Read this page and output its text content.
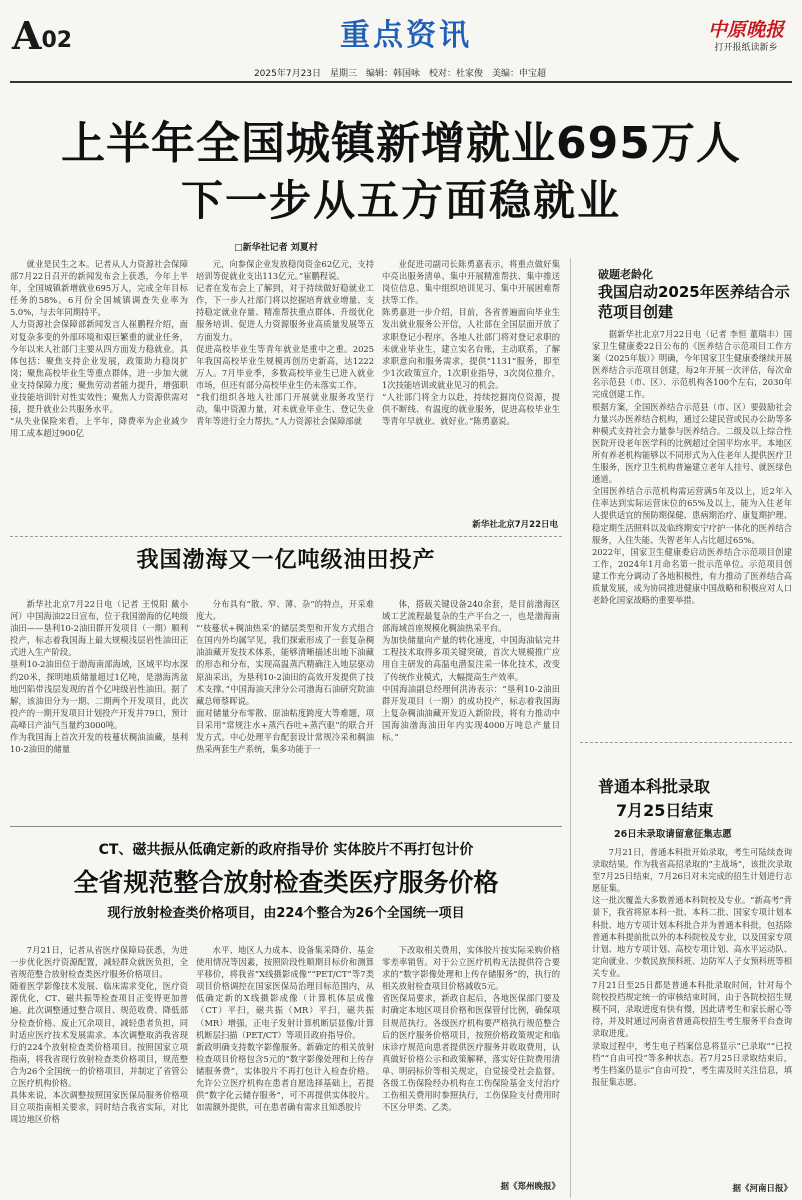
A 02	重点资讯	中原晚报
打开报纸读新乡
2025年7月23日　星期三　编辑：韩国咏　校对：杜家俊　美编：申宝超
上半年全国城镇新增就业695万人
下一步从五方面稳就业
□新华社记者 刘夏村
就业是民生之本。记者从人力资源社会保障部7月22日召开的新闻发布会上获悉，今年上半年，全国城镇新增就业695万人，完成全年目标任务的58%。6月份全国城镇调查失业率为5.0%，与去年同期持平。
人力资源社会保障部新闻发言人崔鹏程介绍，面对复杂多变的外部环境和艰巨繁重的就业任务，今年以来人社部门主要从四方面发力稳就业。具体包括：聚焦支持企业发展，政策助力稳岗扩岗；聚焦高校毕业生等重点群体，进一步加大就业支持保障力度；聚焦劳动者能力提升，增强职业技能培训针对性实效性；聚焦人力资源供需对接，提升就业公共服务水平。
“从失业保险来看，上半年，降费率为企业减少用工成本超过900亿
元，向参保企业发放稳岗资金62亿元，支持培训等促就业支出113亿元。”崔鹏程说。
记者在发布会上了解到，对于持续做好稳就业工作，下一步人社部门将以挖掘培育就业增量、支持稳定就业存量、精准帮扶重点群体、升级优化服务培训、促进人力资源服务业高质量发展等五方面发力。
促进高校毕业生等青年就业是重中之重。2025年我国高校毕业生规模再创历史新高，达1222万人。7月毕业季，多数高校毕业生已进入就业市场，但还有部分高校毕业生仍未落实工作。
“我们组织各地人社部门开展就业服务攻坚行动，集中资源力量，对未就业毕业生、登记失业青年等进行全力帮扶。”人力资源社会保障部就
业促进司副司长陈勇嘉表示，将重点做好集中亮出服务清单、集中开展精准帮扶、集中推送岗位信息、集中组织培训见习、集中开展困难帮扶等工作。
陈勇嘉进一步介绍，目前，各省普遍面向毕业生发出就业服务公开信，人社部在全国层面开放了求职登记小程序。各地人社部门将对登记求职的未就业毕业生，建立实名台账，主动联系，了解求职意向和服务需求，提供“1131”服务，即至少1次政策宣介，1次职业指导，3次岗位推介，1次技能培训或就业见习的机会。
“人社部门将全力以赴，持续挖掘岗位资源，提供不断线、有温度的就业服务，促进高校毕业生等青年早就业、就好业。”陈勇嘉说。
新华社北京7月22日电
破题老龄化
我国启动2025年医养结合示范项目创建
据新华社北京7月22日电（记者 李恒 董瑞丰）国家卫生健康委22日公布的《医养结合示范项目工作方案（2025年版）》明确，今年国家卫生健康委继续开展医养结合示范项目创建，每2年开展一次评估，每次命名示范县（市、区）、示范机构各100个左右，2030年完成创建工作。
根据方案，全国医养结合示范县（市、区）要鼓励社会力量兴办医养结合机构，通过公建民营或民办公助等多种模式支持社会力量参与医养结合。二级及以上综合性医院开设老年医学科的比例超过全国平均水平。本地区所有养老机构能够以不同形式为入住老年人提供医疗卫生服务，医疗卫生机构普遍建立老年人挂号、就医绿色通道。
全国医养结合示范机构需运营满5年及以上，近2年入住率达到实际运营床位的65%及以上，能为入住老年人提供适宜的预防期保健、患病期治疗、康复期护理、稳定期生活照料以及临终期安宁疗护一体化的医养结合服务，入住失能、失智老年人占比超过65%。
2022年，国家卫生健康委启动医养结合示范项目创建工作，2024年1月命名第一批示范单位。示范项目创建工作充分调动了各地积极性，有力推动了医养结合高质量发展，成为协同推进健康中国战略和积极应对人口老龄化国家战略的重要举措。
我国渤海又一亿吨级油田投产
新华社北京7月22日电（记者 王悦阳 戴小河）中国海油22日宣布，位于我国渤海的亿吨级油田——垦利10-2油田群开发项目（一期）顺利投产，标志着我国海上最大规模浅层岩性油田正式进入生产阶段。
垦利10-2油田位于渤海南部海域，区域平均水深约20米，探明地质储量超过1亿吨，是渤海湾盆地凹陷带浅层发现的首个亿吨级岩性油田。据了解，该油田分为一期、二期两个开发项目，此次投产的一期开发项目计划投产开发井79口，预计高峰日产油气当量约3000吨。
作为我国海上首次开发的枝蔓状稠油油藏，垦利10-2油田的储量
分布具有“散、窄、薄、杂”的特点，开采难度大。
“‘枝蔓状+稠油热采’的储层类型和开发方式组合在国内外均属罕见，我们探索形成了一套复杂稠油油藏开发技术体系，能够清晰描述出地下油藏的形态和分布，实现高温蒸汽精确注入地层驱动原油采出，为垦利10-2油田的高效开发提供了技术支撑。”中国海油天津分公司渤海石油研究院油藏总师蔡晖说。
面对储量分布零散、原油粘度跨度大等难题，项目采用“常规注水+蒸汽吞吐+蒸汽驱”的联合开发方式。中心处理平台配套设计常规冷采和稠油热采两套生产系统，集多功能于一
体，搭载关键设备240余套，是目前渤海区域工艺流程最复杂的生产平台之一，也是渤海南部海域首座规模化稠油热采平台。
为加快储量向产量的转化速度，中国海油钻完井工程技术取得多项关键突破，首次大规模推广应用自主研发的高温电潜泵注采一体化技术，改变了传统作业模式，大幅提高生产效率。
中国海油副总经理何洪涛表示：“垦利10-2油田群开发项目（一期）的成功投产，标志着我国海上复杂稠油油藏开发迈入新阶段，将有力推动中国海油渤海油田年内实现4000万吨总产量目标。”
普通本科批录取
7月25日结束
26日未录取请留意征集志愿
7月21日，普通本科批开始录取，考生可陆续查询录取结果。作为我省高招录取的“主战场”，该批次录取至7月25日结束，7月26日对未完成的招生计划进行志愿征集。
这一批次覆盖大多数普通本科院校及专业。“新高考”背景下，我省将原本科一批、本科二批、国家专项计划本科批、地方专项计划本科批合并为普通本科批，包括除普通本科提前批以外的本科院校及专业，以及国家专项计划、地方专项计划、高校专项计划、高水平运动队、定向就业、少数民族预科班、边防军人子女预科班等相关专业。
7月21日至25日都是普通本科批录取时间，针对每个院校投档规定统一的审核结束时间，由于各院校招生规模不同，录取进度有快有慢，因此请考生和家长耐心等待，并及时通过河南省普通高校招生考生服务平台查询录取进度。
录取过程中，考生电子档案信息将显示“已录取”“已投档”“自由可投”等多种状态。若7月25日录取结束后，考生档案仍显示“自由可投”，考生需及时关注信息，填报征集志愿。
据《河南日报》
CT、磁共振从低确定新的政府指导价 实体胶片不再打包计价
全省规范整合放射检查类医疗服务价格
现行放射检查类价格项目，由224个整合为26个全国统一项目
7月21日，记者从省医疗保障局获悉，为进一步优化医疗资源配置，减轻群众就医负担，全省规范整合放射检查类医疗服务价格项目。
随着医学影像技术发展、临床需求变化，医疗资源优化，CT、磁共振等检查项目正变得更加普遍。此次调整通过整合项目、规范收费、降低部分检查价格、废止冗余项目，减轻患者负担，同时适应医疗技术发展需求。本次调整取消我省现行的224个放射检查类价格项目。按照国家立项指南，将我省现行放射检查类价格项目，规范整合为26个全国统一的价格项目，并制定了省管公立医疗机构价格。
具体来说，本次调整按照国家医保局服务价格项目立项指南相关要求，同时结合我省实际，对比周边地区价格
水平、地区人力成本、设备集采降价、基金使用情况等因素，按照阶段性顺期目标价和测算平移价，将我省“X线摄影成像”“PET/CT”等7类项目价格调控在国家医保局治理目标范围内，从低确定新的X线摄影成像（计算机体层成像（CT）平扫，磁共振（MR）平扫，磁共振（MR）增强，正电子发射计算机断层显像/计算机断层扫描（PET/CT）等项目政府指导价。
新政明确支持数字影像服务。新确定的相关放射检查项目价格包含5元的“数字影像处理和上传存储服务费”，实体胶片不再打包计入检查价格。允许公立医疗机构在患者自愿选择基础上，若提供“数字化云储存服务”，可不再提供实体胶片。如需额外提供，可在患者确有需求且知悉胶片
下改取相关费用，实体胶片按实际采购价格零差率销售。对于公立医疗机构无法提供符合要求的“数字影像处理和上传存储服务”的，执行的相关放射检查项目价格减收5元。
省医保局要求，新政自起后，各地医保部门要及时确定本地区项目价格和医保管付比例，确保项目规范执行。各级医疗机构要严格执行规范整合后的医疗服务价格项目，按照价格政策规定和临床诊疗规范向患者提供医疗服务并收取费用，认真做好价格公示和政策解释，落实好住院费用清单、明码标价等相关规定，自觉接受社会监督。各级工伤保险经办机构在工伤保险基金支付治疗工伤相关费用时参照执行，工伤保险支付费用时不区分甲类、乙类。
据《郑州晚报》
